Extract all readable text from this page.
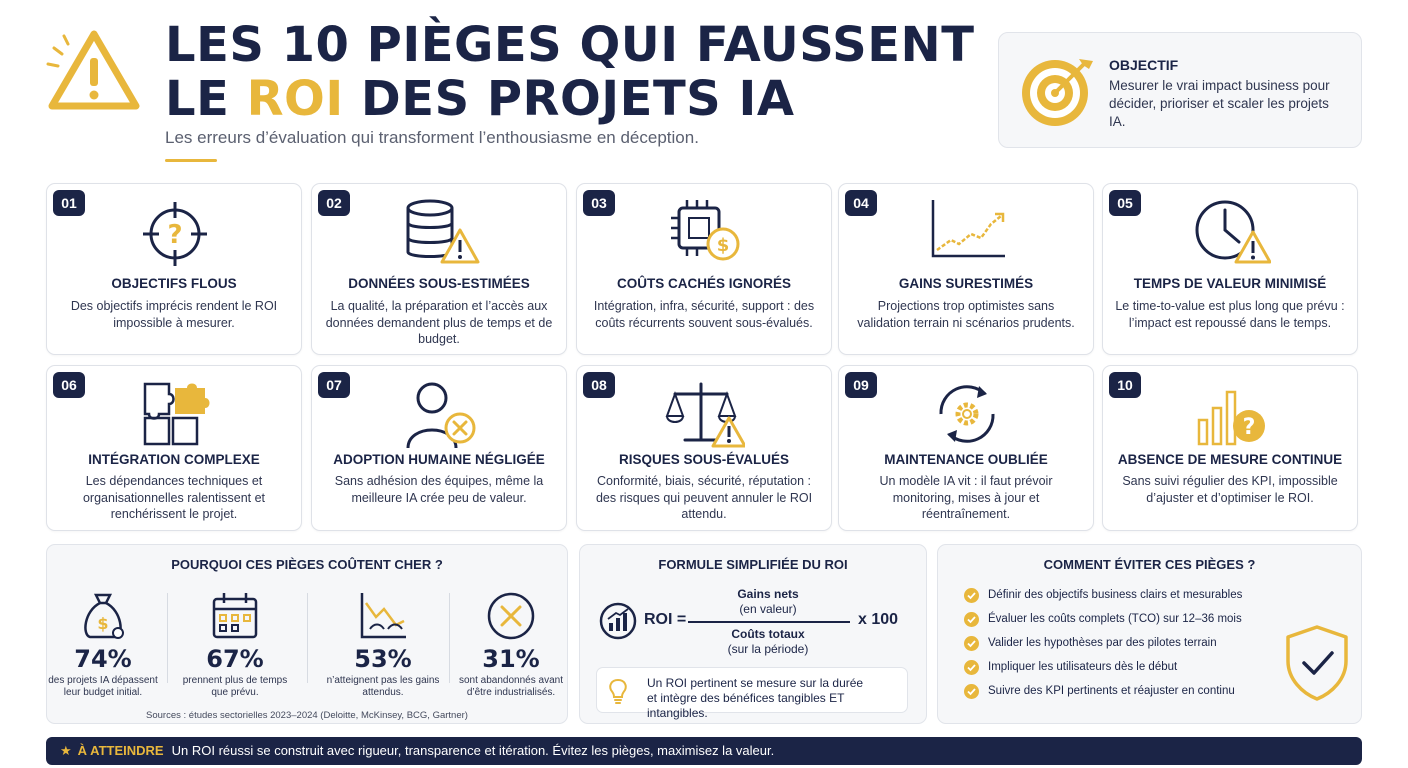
LES 10 PIÈGES QUI FAUSSENT
LE ROI DES PROJETS IA
Les erreurs d’évaluation qui transforment l’enthousiasme en déception.
OBJECTIF
Mesurer le vrai impact business pour décider, prioriser et scaler les projets IA.
01
?
OBJECTIFS FLOUS
Des objectifs imprécis rendent le ROI impossible à mesurer.
02
DONNÉES SOUS-ESTIMÉES
La qualité, la préparation et l’accès aux données demandent plus de temps et de budget.
03
$
COÛTS CACHÉS IGNORÉS
Intégration, infra, sécurité, support : des coûts récurrents souvent sous-évalués.
04
GAINS SURESTIMÉS
Projections trop optimistes sans validation terrain ni scénarios prudents.
05
TEMPS DE VALEUR MINIMISÉ
Le time-to-value est plus long que prévu : l’impact est repoussé dans le temps.
06
INTÉGRATION COMPLEXE
Les dépendances techniques et organisationnelles ralentissent et renchérissent le projet.
07
ADOPTION HUMAINE NÉGLIGÉE
Sans adhésion des équipes, même la meilleure IA crée peu de valeur.
08
RISQUES SOUS-ÉVALUÉS
Conformité, biais, sécurité, réputation : des risques qui peuvent annuler le ROI attendu.
09
MAINTENANCE OUBLIÉE
Un modèle IA vit : il faut prévoir monitoring, mises à jour et réentraînement.
10
?
ABSENCE DE MESURE CONTINUE
Sans suivi régulier des KPI, impossible d’ajuster et d’optimiser le ROI.
POURQUOI CES PIÈGES COÛTENT CHER ?
$
74%
des projets IA dépassent leur budget initial.
67%
prennent plus de temps que prévu.
53%
n’atteignent pas les gains attendus.
31%
sont abandonnés avant d’être industrialisés.
Sources : études sectorielles 2023–2024 (Deloitte, McKinsey, BCG, Gartner)
FORMULE SIMPLIFIÉE DU ROI
ROI =
Gains nets
(en valeur)
Coûts totaux
(sur la période)
x 100
Un ROI pertinent se mesure sur la durée
et intègre des bénéfices tangibles ET intangibles.
COMMENT ÉVITER CES PIÈGES ?
Définir des objectifs business clairs et mesurables
Évaluer les coûts complets (TCO) sur 12–36 mois
Valider les hypothèses par des pilotes terrain
Impliquer les utilisateurs dès le début
Suivre des KPI pertinents et réajuster en continu
★ À ATTEINDRE Un ROI réussi se construit avec rigueur, transparence et itération. Évitez les pièges, maximisez la valeur.
